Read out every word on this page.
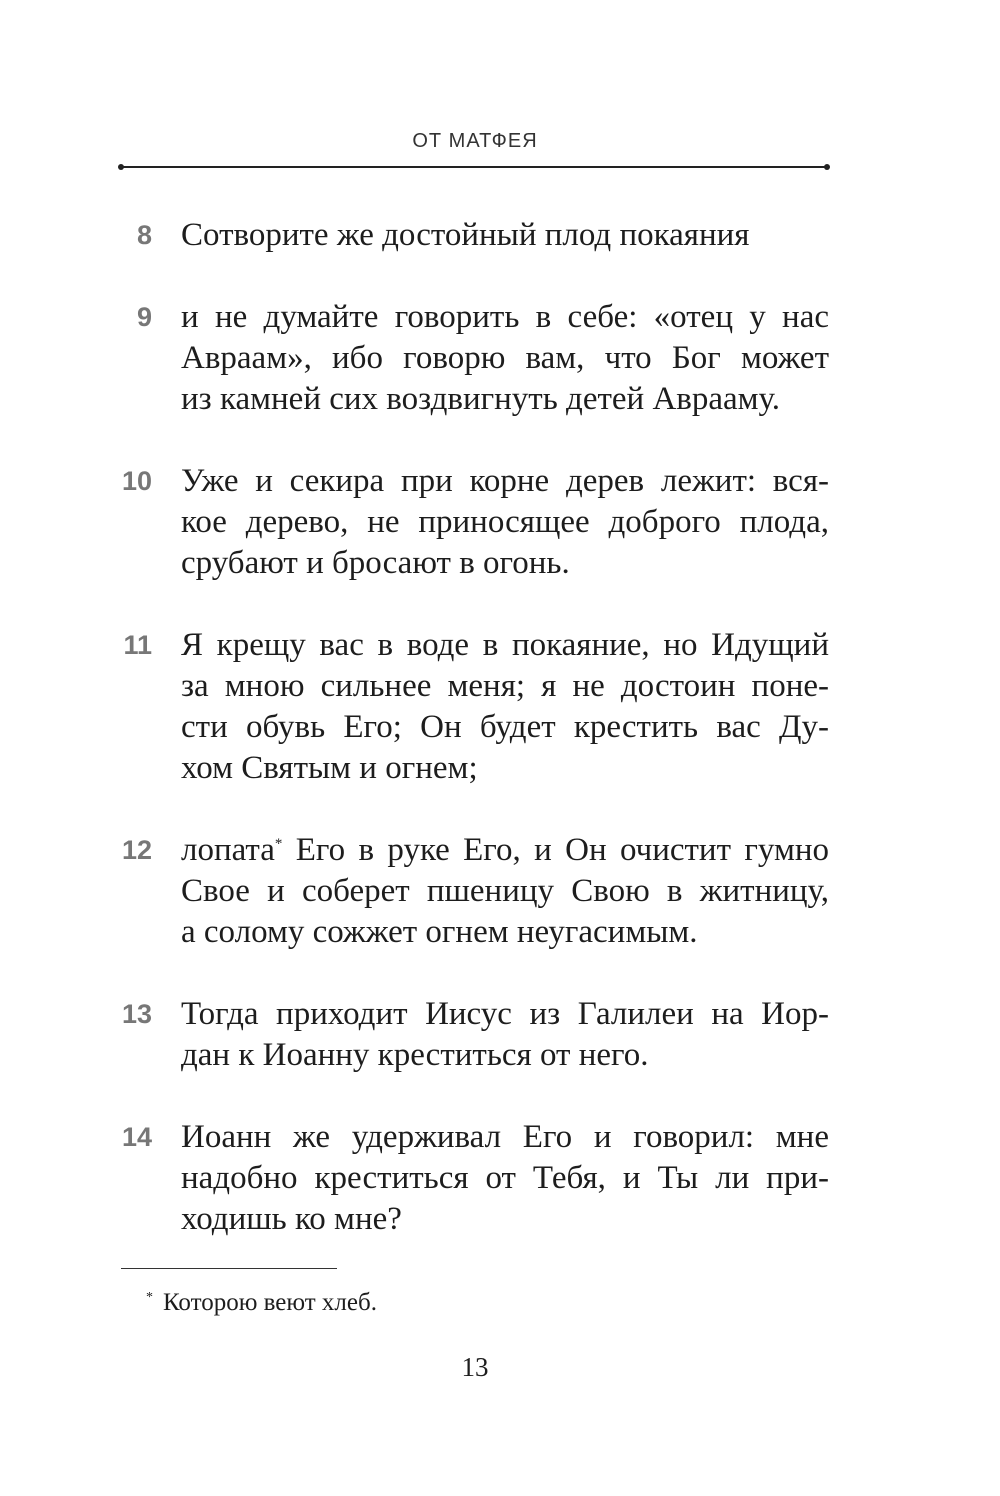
ОТ МАТФЕЯ
8 Сотворите же достойный плод покаяния
9 и не думайте говорить в себе: «отец у нас
Авраам», ибо говорю вам, что Бог может
из камней сих воздвигнуть детей Аврааму.
10 Уже и секира при корне дерев лежит: вся-
кое дерево, не приносящее доброго плода,
срубают и бросают в огонь.
11 Я крещу вас в воде в покаяние, но Идущий
за мною сильнее меня; я не достоин поне-
сти обувь Его; Он будет крестить вас Ду-
хом Святым и огнем;
12 лопата* Его в руке Его, и Он очистит гумно
Свое и соберет пшеницу Свою в житницу,
а солому сожжет огнем неугасимым.
13 Тогда приходит Иисус из Галилеи на Иор-
дан к Иоанну креститься от него.
14 Иоанн же удерживал Его и говорил: мне
надобно креститься от Тебя, и Ты ли при-
ходишь ко мне?
* Которою веют хлеб.
13
